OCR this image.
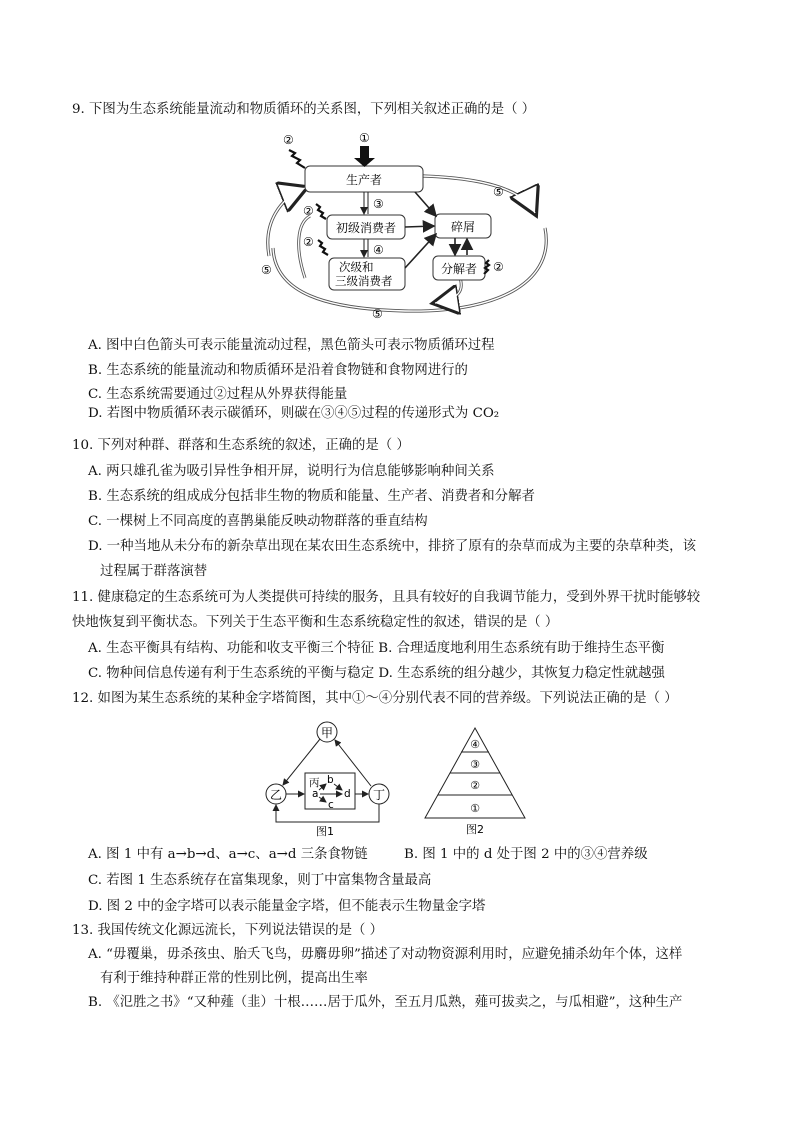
9. 下图为生态系统能量流动和物质循环的关系图，下列相关叙述正确的是（ ）
生产者
初级消费者
次级和
三级消费者
碎屑
分解者
①
③
④
②
②
②
②
⑤
⑤
⑤
A. 图中白色箭头可表示能量流动过程，黑色箭头可表示物质循环过程
B. 生态系统的能量流动和物质循环是沿着食物链和食物网进行的
C. 生态系统需要通过②过程从外界获得能量
D. 若图中物质循环表示碳循环，则碳在③④⑤过程的传递形式为 CO₂
10. 下列对种群、群落和生态系统的叙述，正确的是（ ）
A. 两只雄孔雀为吸引异性争相开屏，说明行为信息能够影响种间关系
B. 生态系统的组成成分包括非生物的物质和能量、生产者、消费者和分解者
C. 一棵树上不同高度的喜鹊巢能反映动物群落的垂直结构
D. 一种当地从未分布的新杂草出现在某农田生态系统中，排挤了原有的杂草而成为主要的杂草种类，该
过程属于群落演替
11. 健康稳定的生态系统可为人类提供可持续的服务，且具有较好的自我调节能力，受到外界干扰时能够较
快地恢复到平衡状态。下列关于生态平衡和生态系统稳定性的叙述，错误的是（ ）
A. 生态平衡具有结构、功能和收支平衡三个特征 B. 合理适度地利用生态系统有助于维持生态平衡
C. 物种间信息传递有利于生态系统的平衡与稳定 D. 生态系统的组分越少，其恢复力稳定性就越强
12. 如图为某生态系统的某种金字塔简图，其中①～④分别代表不同的营养级。下列说法正确的是（ ）
甲
乙	丁
丙
a
b
c
d
图1
④
③
②
①
图2
A. 图 1 中有 a→b→d、a→c、a→d 三条食物链	B. 图 1 中的 d 处于图 2 中的③④营养级
C. 若图 1 生态系统存在富集现象，则丁中富集物含量最高
D. 图 2 中的金字塔可以表示能量金字塔，但不能表示生物量金字塔
13. 我国传统文化源远流长，下列说法错误的是（ ）
A. “毋覆巢，毋杀孩虫、胎夭飞鸟，毋麛毋卵”描述了对动物资源利用时，应避免捕杀幼年个体，这样
有利于维持种群正常的性别比例，提高出生率
B. 《氾胜之书》“又种薤（韭）十根……居于瓜外，至五月瓜熟，薤可拔卖之，与瓜相避”，这种生产
